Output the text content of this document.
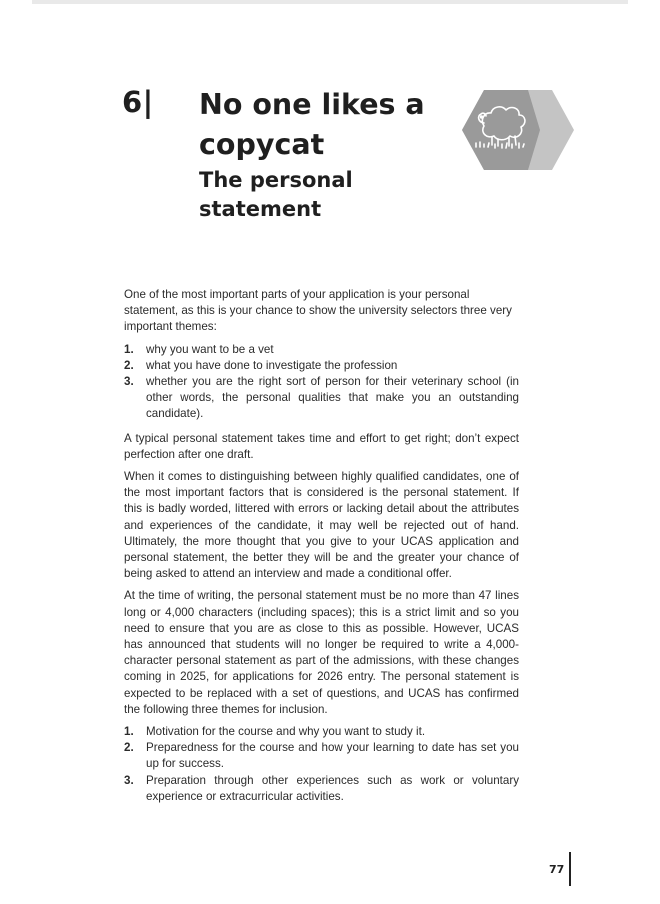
6| No one likes a copycat
The personal statement

One of the most important parts of your application is your personal statement, as this is your chance to show the university selectors three very important themes:

1. why you want to be a vet
2. what you have done to investigate the profession
3. whether you are the right sort of person for their veterinary school (in other words, the personal qualities that make you an outstanding candidate).

A typical personal statement takes time and effort to get right; don’t expect perfection after one draft.

When it comes to distinguishing between highly qualified candidates, one of the most important factors that is considered is the personal statement. If this is badly worded, littered with errors or lacking detail about the attributes and experiences of the candidate, it may well be rejected out of hand. Ultimately, the more thought that you give to your UCAS application and personal statement, the better they will be and the greater your chance of being asked to attend an interview and made a conditional offer.

At the time of writing, the personal statement must be no more than 47 lines long or 4,000 characters (including spaces); this is a strict limit and so you need to ensure that you are as close to this as possible. However, UCAS has announced that students will no longer be required to write a 4,000-character personal statement as part of the admissions, with these changes coming in 2025, for applications for 2026 entry. The personal statement is expected to be replaced with a set of questions, and UCAS has confirmed the following three themes for inclusion.

1. Motivation for the course and why you want to study it.
2. Preparedness for the course and how your learning to date has set you up for success.
3. Preparation through other experiences such as work or voluntary experience or extracurricular activities.
77
